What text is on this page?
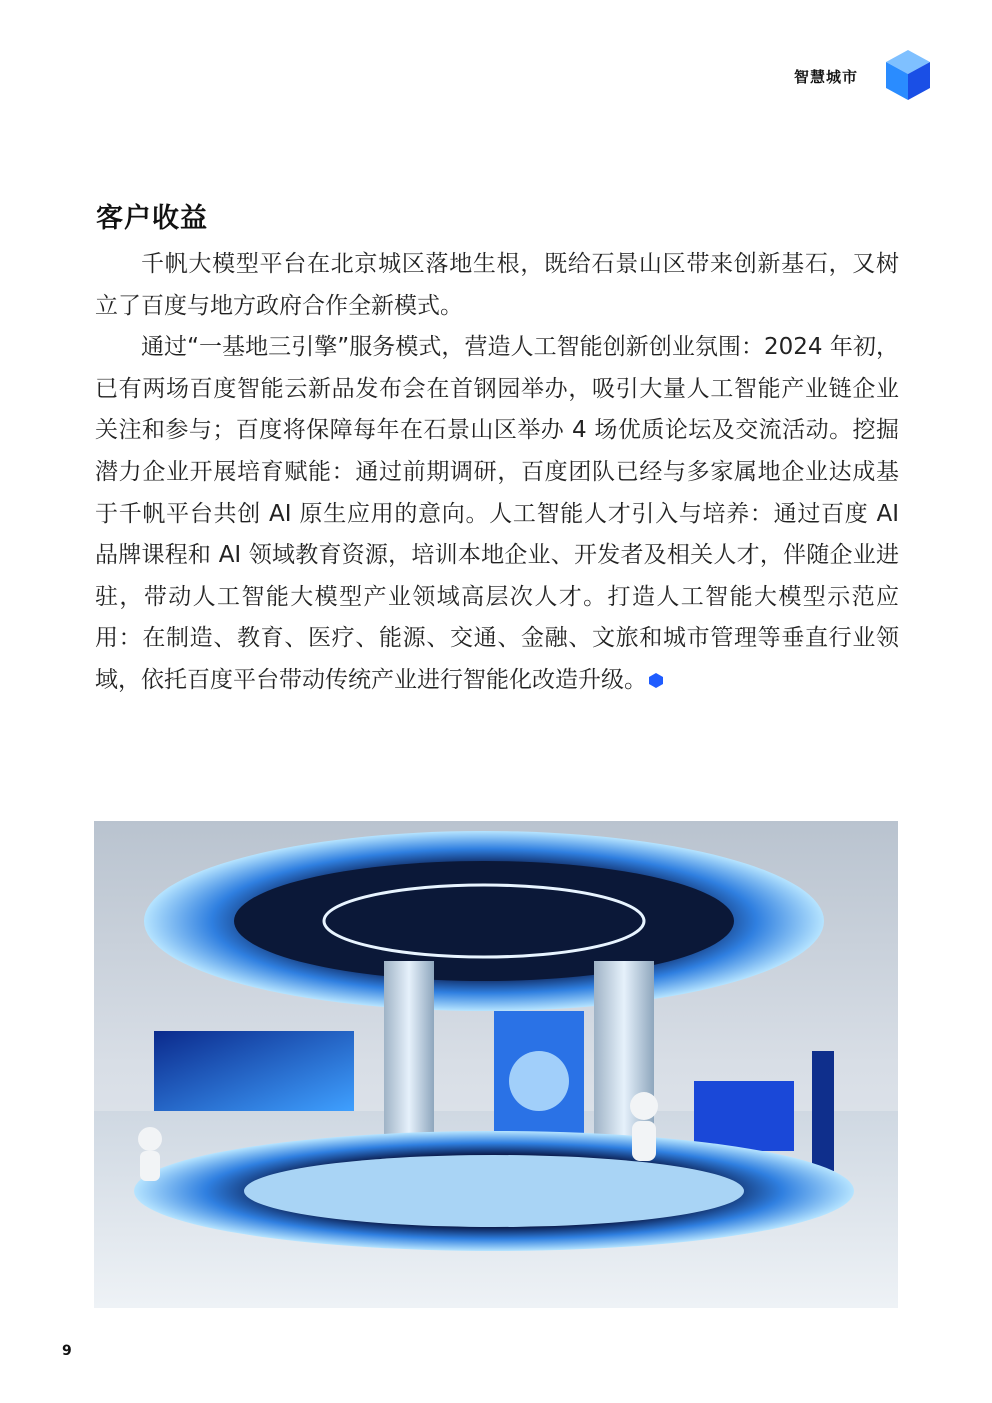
智慧城市
客户收益

千帆大模型平台在北京城区落地生根，既给石景山区带来创新基石，又树立了百度与地方政府合作全新模式。

通过“一基地三引擎”服务模式，营造人工智能创新创业氛围：2024 年初，已有两场百度智能云新品发布会在首钢园举办，吸引大量人工智能产业链企业关注和参与；百度将保障每年在石景山区举办 4 场优质论坛及交流活动。挖掘潜力企业开展培育赋能：通过前期调研，百度团队已经与多家属地企业达成基于千帆平台共创 AI 原生应用的意向。人工智能人才引入与培养：通过百度 AI 品牌课程和 AI 领域教育资源，培训本地企业、开发者及相关人才，伴随企业进驻，带动人工智能大模型产业领域高层次人才。打造人工智能大模型示范应用：在制造、教育、医疗、能源、交通、金融、文旅和城市管理等垂直行业领域，依托百度平台带动传统产业进行智能化改造升级。

9
